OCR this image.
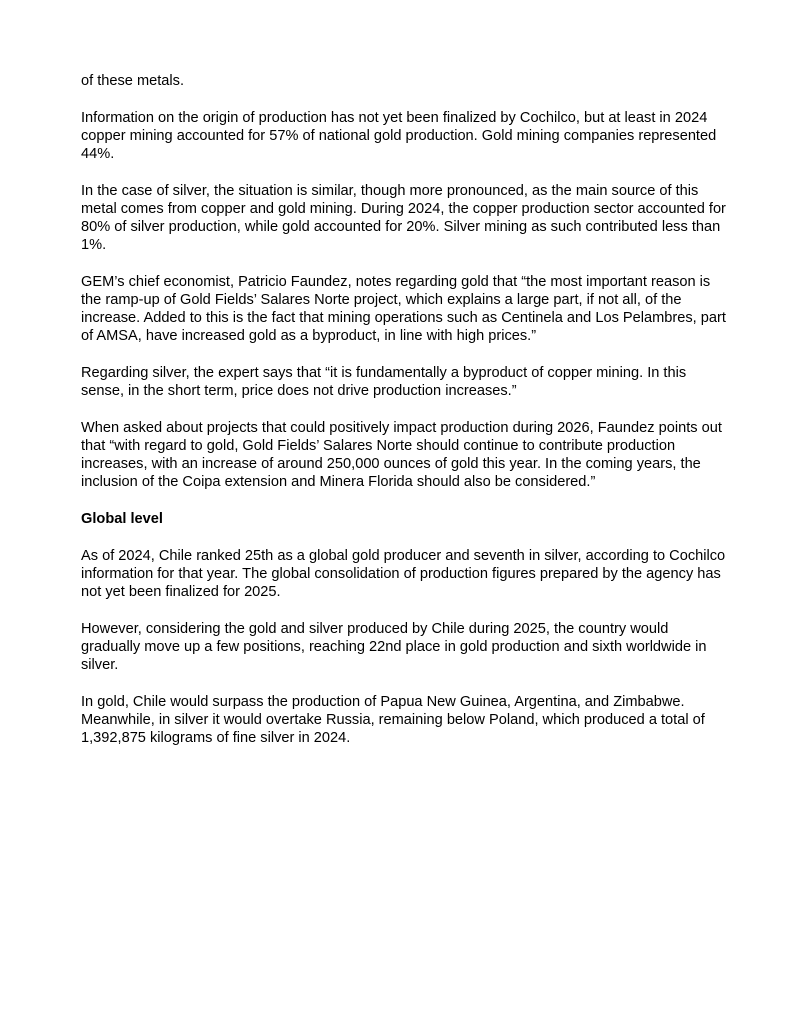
of these metals.

Information on the origin of production has not yet been finalized by Cochilco, but at least in 2024 copper mining accounted for 57% of national gold production. Gold mining companies represented 44%.

In the case of silver, the situation is similar, though more pronounced, as the main source of this metal comes from copper and gold mining. During 2024, the copper production sector accounted for 80% of silver production, while gold accounted for 20%. Silver mining as such contributed less than 1%.

GEM’s chief economist, Patricio Faundez, notes regarding gold that “the most important reason is the ramp-up of Gold Fields’ Salares Norte project, which explains a large part, if not all, of the increase. Added to this is the fact that mining operations such as Centinela and Los Pelambres, part of AMSA, have increased gold as a byproduct, in line with high prices.”

Regarding silver, the expert says that “it is fundamentally a byproduct of copper mining. In this sense, in the short term, price does not drive production increases.”

When asked about projects that could positively impact production during 2026, Faundez points out that “with regard to gold, Gold Fields’ Salares Norte should continue to contribute production increases, with an increase of around 250,000 ounces of gold this year. In the coming years, the inclusion of the Coipa extension and Minera Florida should also be considered.”

Global level

As of 2024, Chile ranked 25th as a global gold producer and seventh in silver, according to Cochilco information for that year. The global consolidation of production figures prepared by the agency has not yet been finalized for 2025.

However, considering the gold and silver produced by Chile during 2025, the country would gradually move up a few positions, reaching 22nd place in gold production and sixth worldwide in silver.

In gold, Chile would surpass the production of Papua New Guinea, Argentina, and Zimbabwe. Meanwhile, in silver it would overtake Russia, remaining below Poland, which produced a total of 1,392,875 kilograms of fine silver in 2024.
